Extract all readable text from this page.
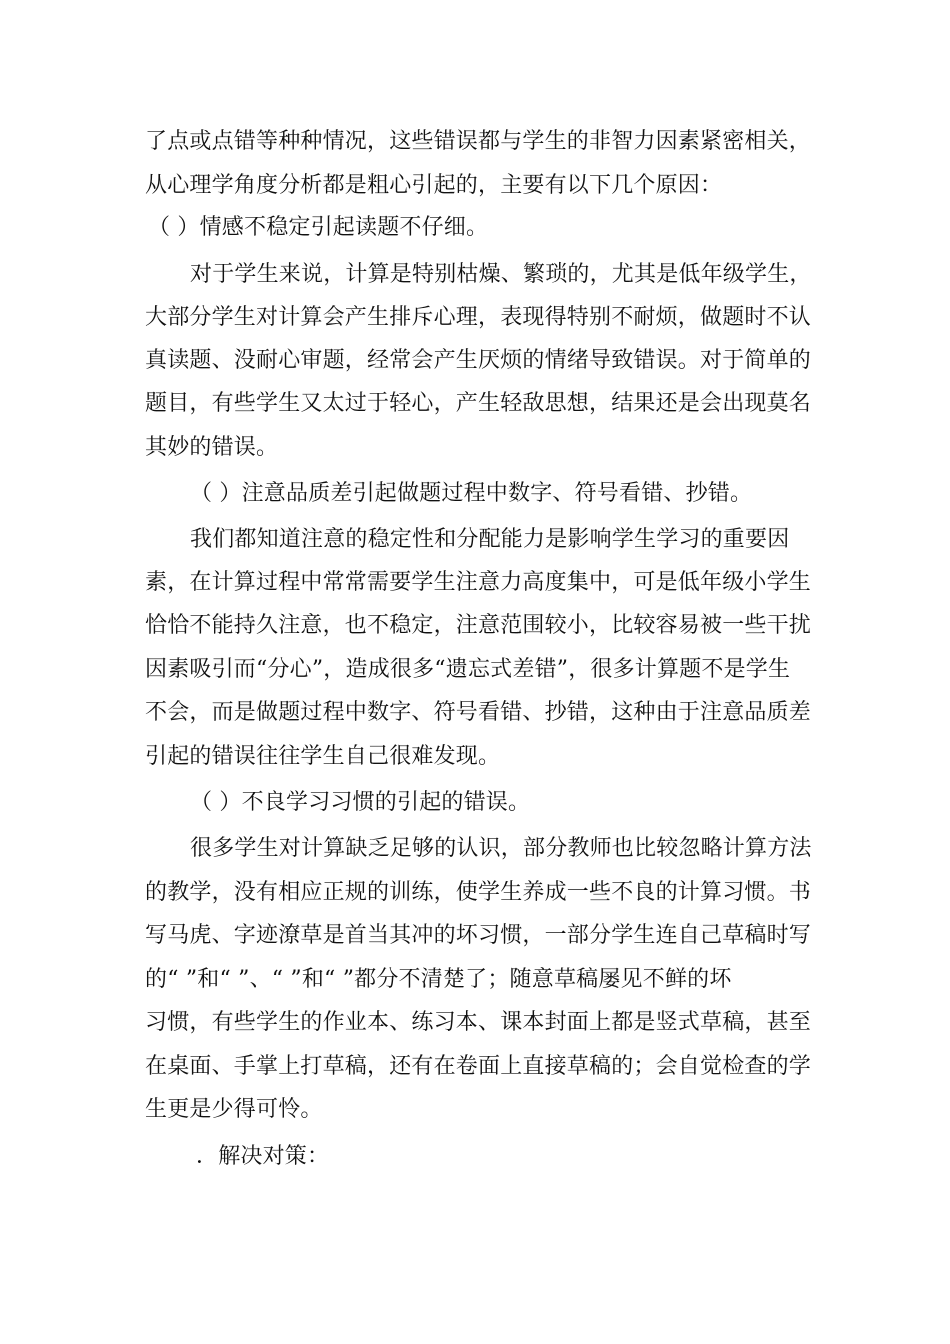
了点或点错等种种情况，这些错误都与学生的非智力因素紧密相关，
从心理学角度分析都是粗心引起的，主要有以下几个原因：
（ ）情感不稳定引起读题不仔细。
对于学生来说，计算是特别枯燥、繁琐的，尤其是低年级学生，
大部分学生对计算会产生排斥心理，表现得特别不耐烦，做题时不认
真读题、没耐心审题，经常会产生厌烦的情绪导致错误。对于简单的
题目，有些学生又太过于轻心，产生轻敌思想，结果还是会出现莫名
其妙的错误。
（ ）注意品质差引起做题过程中数字、符号看错、抄错。
我们都知道注意的稳定性和分配能力是影响学生学习的重要因
素，在计算过程中常常需要学生注意力高度集中，可是低年级小学生
恰恰不能持久注意，也不稳定，注意范围较小，比较容易被一些干扰
因素吸引而“分心”，造成很多“遗忘式差错”，很多计算题不是学生
不会，而是做题过程中数字、符号看错、抄错，这种由于注意品质差
引起的错误往往学生自己很难发现。
（ ）不良学习习惯的引起的错误。
很多学生对计算缺乏足够的认识，部分教师也比较忽略计算方法
的教学，没有相应正规的训练，使学生养成一些不良的计算习惯。书
写马虎、字迹潦草是首当其冲的坏习惯，一部分学生连自己草稿时写
的“ ”和“ ”、“ ”和“ ”都分不清楚了；随意草稿屡见不鲜的坏
习惯，有些学生的作业本、练习本、课本封面上都是竖式草稿，甚至
在桌面、手掌上打草稿，还有在卷面上直接草稿的；会自觉检查的学
生更是少得可怜。
．解决对策：
